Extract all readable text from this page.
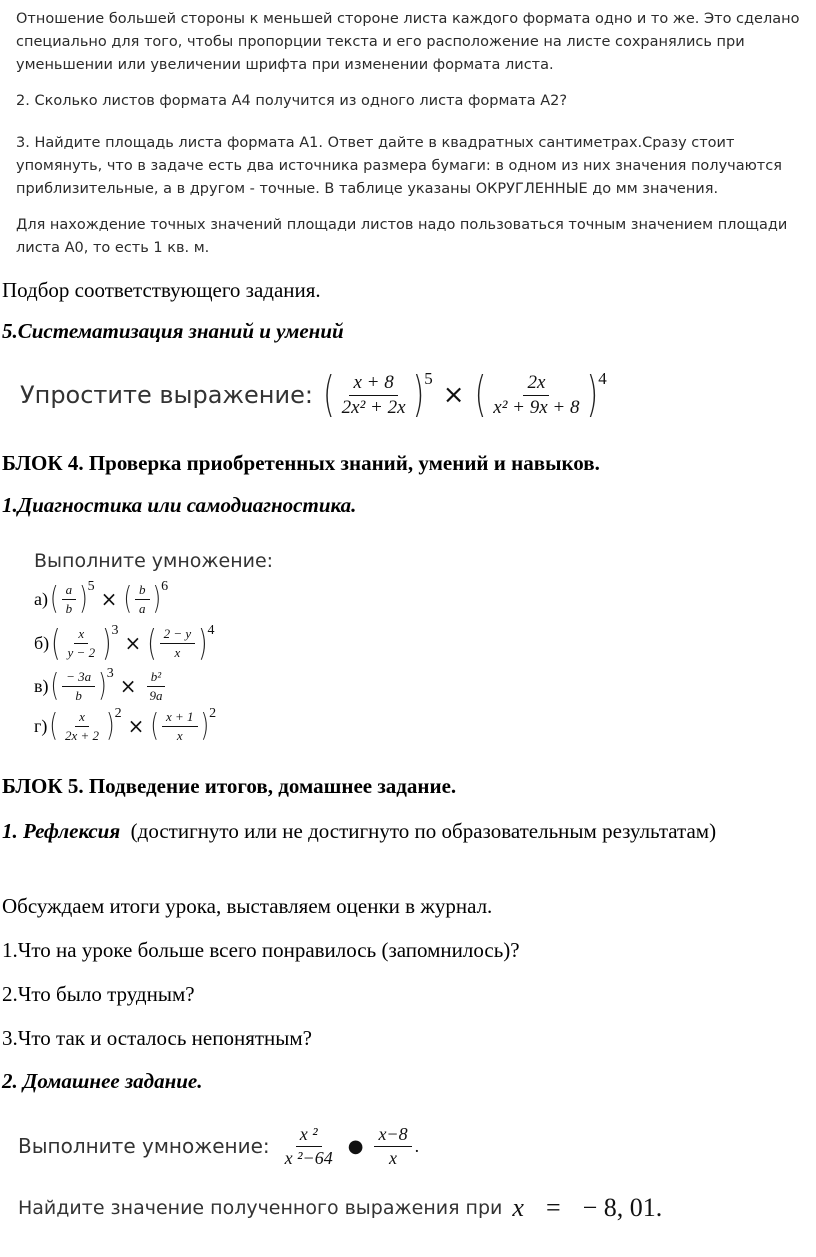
Отношение большей стороны к меньшей стороне листа каждого формата одно и то же. Это сделано специально для того, чтобы пропорции текста и его расположение на листе сохранялись при уменьшении или увеличении шрифта при изменении формата листа.
2. Сколько листов формата А4 получится из одного листа формата А2?
3. Найдите площадь листа формата А1. Ответ дайте в квадратных сантиметрах.Сразу стоит упомянуть, что в задаче есть два источника размера бумаги: в одном из них значения получаются приблизительные, а в другом - точные. В таблице указаны ОКРУГЛЕННЫЕ до мм значения.
Для нахождение точных значений площади листов надо пользоваться точным значением площади листа А0, то есть 1 кв. м.
Подбор соответствующего задания.
5.Систематизация знаний и умений
Упростите выражение: ( $\frac{x + 8}{\text{2x² + 2x}} )^5$
× ( $\frac{2x}{\text{x² + 9x + 8}} )^4$
БЛОК 4. Проверка приобретенных знаний, умений и навыков.
1.Диагностика или самодиагностика.
Выполните умножение:
а) ( $\frac{a}{b} )^5$
× ( $\frac{b}{a} )^6$
б) ( $\frac{x}{y - 2} )^3$
× ( $\frac{2 - y}{x} )^4$
в) ( $\frac{- 3a}{b} )^3$
× $\frac{\text{b²}}{9a}$
г) ( $\frac{x}{2x + 2} )^2$
× ( $\frac{x + 1}{x} )^2$
БЛОК 5. Подведение итогов, домашнее задание.
1. Рефлексия  (достигнуто или не достигнуто по образовательным результатам)
Обсуждаем итоги урока, выставляем оценки в журнал.
1.Что на уроке больше всего понравилось (запомнилось)?
2.Что было трудным?
3.Что так и осталось непонятным?
2. Домашнее задание.
Выполните умножение: $\frac{\text{x ²}}{\text{x ²−64}}$ ● $\frac{x-8}{x}$ .
Найдите значение полученного выражения при x = − 8, 01.
